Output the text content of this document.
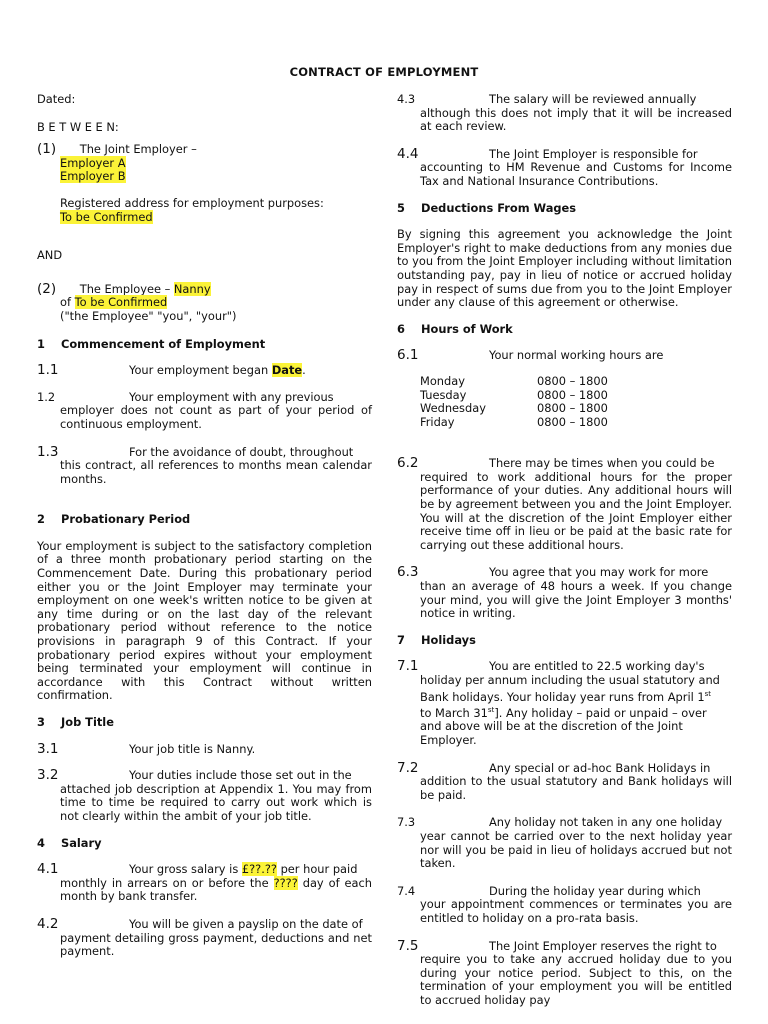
CONTRACT OF EMPLOYMENT

Dated:

B E T W E E N:

(1) The Joint Employer –
Employer A
Employer B

Registered address for employment purposes:

To be Confirmed

AND

(2) The Employee – Nanny
of To be Confirmed
("the Employee" "you", "your")

1 Commencement of Employment

1.1	Your employment began Date.

1.2	Your employment with any previous

employer does not count as part of your period of continuous employment.

1.3	For the avoidance of doubt, throughout

this contract, all references to months mean calendar months.

2 Probationary Period

Your employment is subject to the satisfactory completion of a three month probationary period starting on the Commencement Date. During this probationary period either you or the Joint Employer may terminate your employment on one week's written notice to be given at any time during or on the last day of the relevant probationary period without reference to the notice provisions in paragraph 9 of this Contract. If your probationary period expires without your employment being terminated your employment will continue in accordance with this Contract without written confirmation.

3 Job Title

3.1	Your job title is Nanny.

3.2	Your duties include those set out in the

attached job description at Appendix 1. You may from time to time be required to carry out work which is not clearly within the ambit of your job title.

4 Salary

4.1	Your gross salary is £??.?? per hour paid

monthly in arrears on or before the ???? day of each month by bank transfer.

4.2	You will be given a payslip on the date of

payment detailing gross payment, deductions and net payment.

4.3	The salary will be reviewed annually

although this does not imply that it will be increased at each review.

4.4	The Joint Employer is responsible for

accounting to HM Revenue and Customs for Income Tax and National Insurance Contributions.

5 Deductions From Wages

By signing this agreement you acknowledge the Joint Employer's right to make deductions from any monies due to you from the Joint Employer including without limitation outstanding pay, pay in lieu of notice or accrued holiday pay in respect of sums due from you to the Joint Employer under any clause of this agreement or otherwise.

6 Hours of Work

6.1	Your normal working hours are
Monday	0800 – 1800
Tuesday	0800 – 1800
Wednesday	0800 – 1800
Friday	0800 – 1800

6.2	There may be times when you could be

required to work additional hours for the proper performance of your duties. Any additional hours will be by agreement between you and the Joint Employer. You will at the discretion of the Joint Employer either receive time off in lieu or be paid at the basic rate for carrying out these additional hours.

6.3	You agree that you may work for more

than an average of 48 hours a week. If you change your mind, you will give the Joint Employer 3 months' notice in writing.

7 Holidays

7.1	You are entitled to 22.5 working day's

holiday per annum including the usual statutory and

Bank holidays. Your holiday year runs from April 1st

to March 31st]. Any holiday – paid or unpaid – over

and above will be at the discretion of the Joint

Employer.

7.2	Any special or ad-hoc Bank Holidays in

addition to the usual statutory and Bank holidays will be paid.

7.3	Any holiday not taken in any one holiday

year cannot be carried over to the next holiday year nor will you be paid in lieu of holidays accrued but not taken.

7.4	During the holiday year during which

your appointment commences or terminates you are entitled to holiday on a pro-rata basis.

7.5	The Joint Employer reserves the right to

require you to take any accrued holiday due to you during your notice period. Subject to this, on the termination of your employment you will be entitled to accrued holiday pay
